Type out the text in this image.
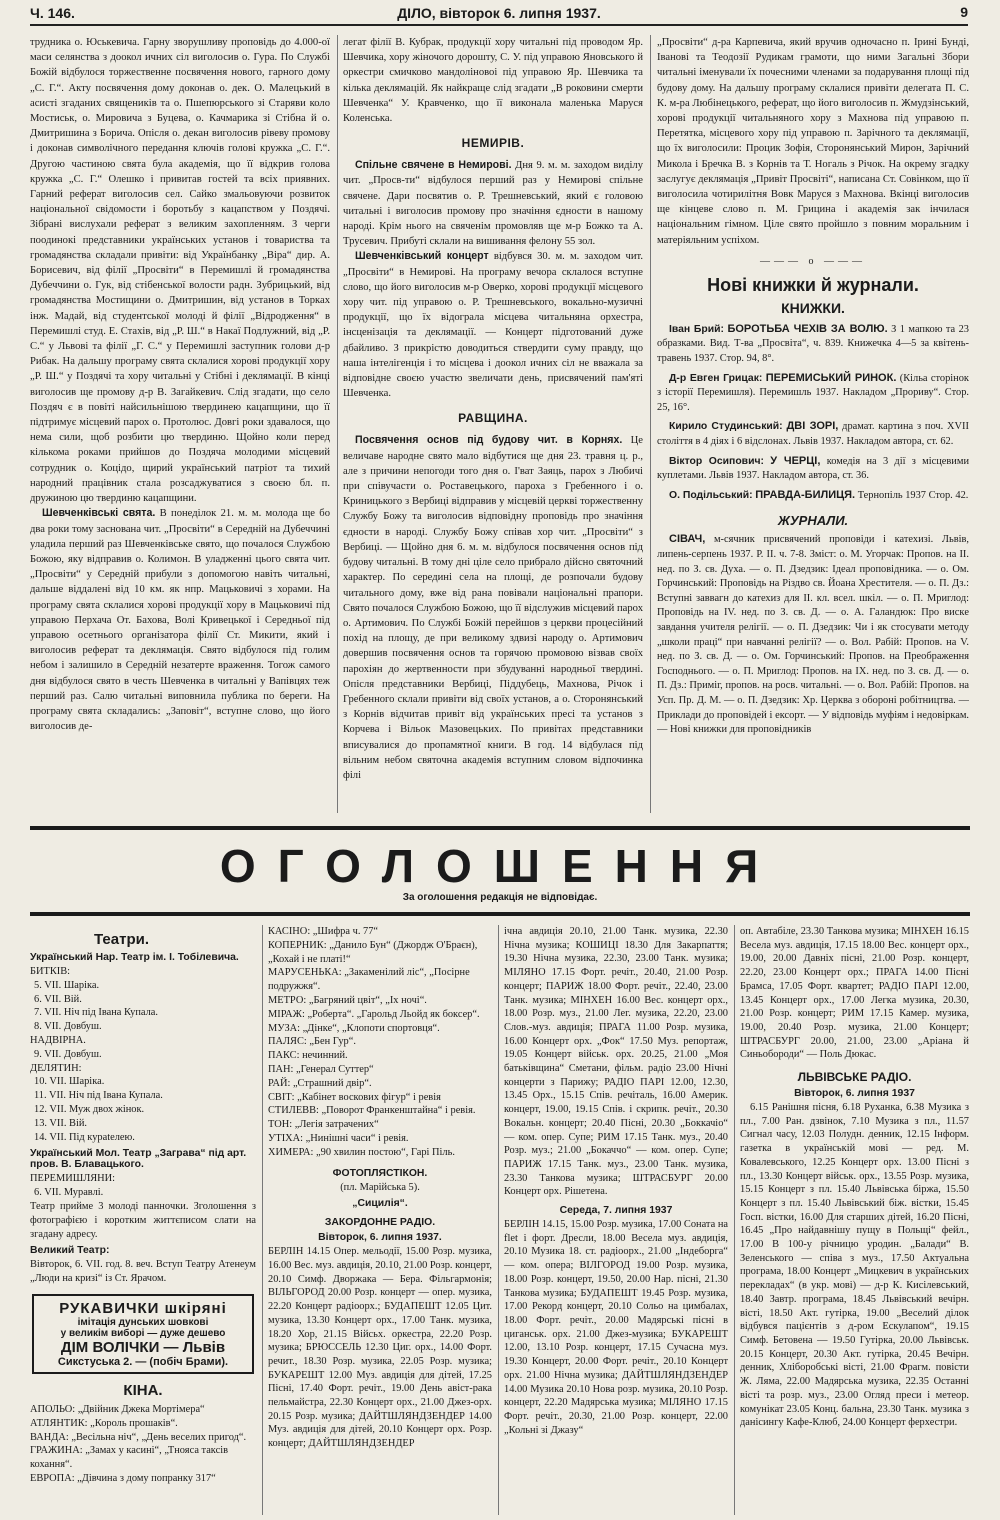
Ч. 146.	ДІЛО, вівторок 6. липня 1937.	9

трудника о. Юськевича. Гарну зворушливу проповідь до 4.000-ої маси селянства з доокол ичних сіл виголосив о. Гура. По Службі Божій відбулося торжественне посвячення нового, гарного дому „С. Г.“. Акту посвячення дому доконав о. дек. О. Малецький в асисті згаданих священиків та о. Пшепюрського зі Старяви коло Мостиськ, о. Мировича з Буцева, о. Качмарика зі Стібна й о. Дмитришина з Борича. Опісля о. декан виголосив рівеву промову і доконав символічного передання ключів голові кружка „С. Г.“. Другою частиною свята була академія, що її відкрив голова кружка „С. Г.“ Олешко і привитав гостей та всіх приявних. Гарний реферат виголосив сел. Сайко змальовуючи розвиток національної свідомости і боротьбу з кацапством у Поздячі. Зібрані вислухали реферат з великим захопленням. З черги поодинокі представники українських установ і товариства та громадянства складали привіти: від Українбанку „Віра“ дир. А. Борисевич, від філії „Просвіти“ в Перемишлі й громадянства Дубеччини о. Гук, від стібенської волости радн. Зубрицький, від громадянства Мостищини о. Дмитришин, від установ в Торках інж. Мадай, від студентської молоді й філії „Відродження“ в Перемишлі студ. Е. Стахів, від „Р. Ш.“ в Накаї Подлужний, від „Р. С.“ у Львові та філії „Г. С.“ у Перемишлі заступник голови д-р Рибак. На дальшу програму свята склалися хорові продукції хору „Р. Ш.“ у Поздячі та хору читальні у Стібні і деклямації. В кінці виголосив ще промову д-р В. Загайкевич. Слід згадати, що село Поздяч є в повіті найсильнішою твердинею кацапщини, що її підтримує місцевий парох о. Протолюс. Довгі роки здавалося, що нема сили, щоб розбити цю твердиню. Щойно коли перед кількома роками прийшов до Поздяча молодими місцевий сотрудник о. Коцідо, щирий український патріот та тихий народний працівник стала розсаджуватися з своєю бл. п. дружиною цю твердиню кацапщини.

Шевченківські свята. В понеділок 21. м. м. молода ще бо два роки тому заснована чит. „Просвіти“ в Середній на Дубеччині уладила перший раз Шевченківське свято, що почалося Службою Божою, яку відправив о. Колимон. В уладженні цього свята чит. „Просвіти“ у Середній прибули з допомогою навіть читальні, дальше віддалені від 10 км. як нпр. Мацьковичі з хорами. На програму свята склалися хорові продукції хору в Мацьковичі під управою Перхача От. Бахова, Волі Кривецької і Середньої під управою осетнього організатора філії Ст. Микити, який і виголосив реферат та деклямація. Свято відбулося під голим небом і залишило в Середній незатерте враження. Тогож самого дня відбулося свято в честь Шевченка в читальні у Вапівцях теж перший раз. Салю читальні виповнила публика по береги. На програму свята складались: „Заповіт“, вступне слово, що його виголосив де-

легат філії В. Кубрак, продукції хору читальні під проводом Яр. Шевчика, хору жіночого дорошту, С. У. під управою Яновського й оркестри смичково мандоліновоі під управою Яр. Шевчика та кількa деклямацій. Як найкраще слід згадати „В роковини смерти Шевченка“ У. Кравченко, що її виконала маленька Маруся Коленська.

НЕМИРІВ.

Спільне свячене в Немирові. Дня 9. м. м. заходом виділу чит. „Просв-ти“ відбулося перший раз у Немирові спільне свячене. Дари посвятив о. Р. Трешневський, який є головою читальні і виголосив промову про значіння єдности в нашому народі. Крім нього на свяченім промовляв ще м-р Божко та А. Трусевич. Прибуті склали на вишивання фелону 55 зол.

Шевченківський концерт відбувся 30. м. м. заходом чит. „Просвіти“ в Немирові. На програму вечора склалося вступне слово, що його виголосив м-р Оверко, хорові продукції місцевого хору чит. під управою о. Р. Трешневського, вокально-музичні продукції, що їх відограла місцева читальняна орхестра, інсценізація та деклямації. — Концерт підготований дуже дбайливо. З прикрістю доводиться ствердити суму правду, що наша інтелігенція і то місцева і доокол ичних сіл не вважала за відповідне своєю участю звеличати день, присвячений пам'яті Шевченка.

РАВЩИНА.

Посвячення основ під будову чит. в Корнях. Це величаве народне свято мало відбутися ще дня 23. травня ц. р., але з причини непогоди того дня о. І'ват Заяць, парох з Любичі при співучасти о. Роставецького, пароха з Гребенного і о. Криницького з Вербиці відправив у місцевій церкві торжественну Службу Божу та виголосив відповідну проповідь про значіння єдности в народі. Службу Божу співав хор чит. „Просвіти“ з Вербиці. — Щойно дня 6. м. м. відбулося посвячення основ під будову читальні. В тому дні ціле село прибрало дійсно святочний характер. По середині села на площі, де розпочали будову читального дому, вже від рана повівали національні прапори. Свято почалося Службою Божою, що її відслужив місцевий парох о. Артимович. По Службі Божій перейшов з церкви процесійний похід на площу, де при великому здвизі народу о. Артимович довершив посвячення основ та горячою промовою візвав своїх парохіян до жертвенности при збудуванні народньої твердині. Опісля представники Вербиці, Піддубець, Махнова, Річок і Гребенного склали привіти від своїх установ, а о. Сторонянський з Корнів відчитав привіт від українських пресі та установ з Корчева і Вільок Мазовецьких. По привітах представники вписувалися до пропамятної книги. В год. 14 відбулася під вільним небом святочна академія вступним словом відпочинка філі

„Просвіти“ д-ра Карпевича, який вручив одночасно п. Ірині Бунді, Івановi та Теодозії Рудикам грамоти, що ними Загальні Збори читальні іменували їх почесними членами за подарування площі під будову дому. На дальшу програму склалися привіти делегата П. С. К. м-ра Любінецького, реферат, що його виголосив п. Жмудзінський, хорові продукції читальняного хору з Махнова під управою п. Перетятка, місцевого хору під управою п. Зарічного та деклямації, що їх виголосили: Процик Зофія, Сторонянський Мирон, Зарічний Микола і Бречка В. з Корнів та Т. Ногаль з Річок. На окрему згадку заслугує деклямація „Привіт Просвіті“, написана Ст. Совінком, що її виголосила чотирилітня Вовк Маруся з Махнова. Вкінці виголосив ще кінцеве слово п. М. Грицина і академія зак інчилася національним гімном. Ціле свято пройшло з повним моральним і матеріяльним успіхом.

——— о ———
Нові книжки й журнали.
КНИЖКИ.

Іван Брий: БОРОТЬБА ЧЕХІВ ЗА ВОЛЮ. З 1 мапкою та 23 образками. Вид. Т-ва „Просвіта“, ч. 839. Книжечка 4—5 за квітень-травень 1937. Стор. 94, 8°.

Д-р Евген Грицак: ПЕРЕМИСЬКИЙ РИНОК. (Кільа сторінок з історії Перемишля). Перемишль 1937. Накладом „Прориву“. Стор. 25, 16°.

Кирило Студинський: ДВІ ЗОРІ, драмат. картина з поч. XVII століття в 4 діях і 6 відслонах. Львів 1937. Накладом автора, ст. 62.

Віктор Осипович: У ЧЕРЦІ, комедія на 3 дії з місцевими куплетами. Львів 1937. Накладом автора, ст. 36.

О. Подільський: ПРАВДА-БИЛИЦЯ. Тернопіль 1937 Стор. 42.

ЖУРНАЛИ.

СІВАЧ, м-сячник присвячений проповіди і катехизі. Львів, липень-серпень 1937. Р. II. ч. 7-8. Зміст: о. М. Угорчак: Пропов. на II. нед. по З. св. Духа. — о. П. Дзедзик: Ідеал проповідника. — о. Ом. Горчинський: Проповідь на Різдво св. Йоана Хрестителя. — о. П. Дз.: Вступні заввагн до катехиз для II. кл. всел. шкіл. — о. П. Мриглод: Проповідь на IV. нед. по З. св. Д. — о. А. Галандюк: Про вискe завдання учителя релігії. — о. П. Дзедзик: Чи і як стосувати методу „школи праці“ при навчанні релігії? — о. Вол. Рабій: Пропов. на V. нед. по З. св. Д. — о. Ом. Горчинський: Пропов. на Преображення Господнього. — о. П. Мриглод: Пропов. на IX. нед. по З. св. Д. — о. П. Дз.: Приміг, пропов. на росв. читальні. — о. Вол. Рабій: Пропов. на Усп. Пр. Д. М. — о. П. Дзедзик: Хр. Церква з обороні робітництва. — Приклади до проповідей і ексорт. — У відповідь муфіям і недовіркам. — Нові книжки для проповідників

ОГОЛОШЕННЯ
За оголошення редакція не відповідає.
Театри.
Український Нар. Театр ім. І. Тобілевича.
БИТКІВ:
5. VII. Шаріка.
6. VII. Вій.
7. VII. Ніч під Івана Купала.
8. VII. Довбуш.
НАДВІРНА.
9. VII. Довбуш.
ДЕЛЯТИН:
10. VII. Шаріка.
11. VII. Ніч під Івана Купала.
12. VII. Муж двох жінок.
13. VII. Вій.
14. VII. Під кураtелею.
Український Мол. Театр „Заграва“ під арт. пров. В. Блавацького.
ПЕРЕМИШЛЯНИ:
6. VII. Муравлі.
Театр приймe 3 молоді паннoчки. Зголошення з фотографією і коротким життєписом слати на згадану адресу.
Великий Театр:
Вівторок, 6. VII. год. 8. веч. Вступ Театру Атенеум „Люди на кризі“ із Ст. Ярачом.
РУКАВИЧКИ шкіряні
імітація дунських шовкові
у великім виборі — дуже дешево
ДІМ ВОЛІЧКИ — Львів
Сикстуська 2. — (побіч Брами).
КІНА.
АПОЛЬО: „Двійник Джека Мортімера“
АТЛЯНТИК: „Король прошаків“.
ВАНДА: „Весільна ніч“, „День веселих пригод“.
ГРАЖИНА: „Замах у касині“, „Тнояса таксів кохання“.
ЕВРОПА: „Дівчина з дому попранку 317“
КАСІНО: „Шифра ч. 77“
КОПЕРНИК: „Данило Бун“ (Джордж О'Браєн), „Кохай і не платі!“
МАРУСЕНЬКА: „Закаменілий ліс“, „Посірне подружжя“.
МЕТРО: „Багряний цвіт“, „Іх ночі“.
МІРАЖ: „Роберта“. „Гарольд Льойд як боксер“.
МУЗА: „Дінке“, „Клопоти спортовця“.
ПАЛЯС: „Бен Гур“.
ПАКС: нечинний.
ПАН: „Генерал Суттер“
РАЙ: „Страшний двір“.
СВІТ: „Кабінет воскових фігур“ і ревія
СТИЛЕВВ: „Поворот Франкенштайна“ і ревія.
ТОН: „Легія затрачених“
УТІХА: „Нинішні часи“ і ревія.
ХИМЕРА: „90 хвилин постою“, Гарі Піль.
ФОТОПЛЯСТІКОН.
(пл. Марійська 5).
„Сицилія“.
ЗАКОРДОННЕ РАДІО.
Вівторок, 6. липня 1937.

БЕРЛІН 14.15 Опер. мельодії, 15.00 Розр. музика, 16.00 Вес. муз. авдиція, 20.10, 21.00 Розр. концерт, 20.10 Симф. Дворжака — Бера. Фільгармонія; ВІЛЬГОРОД 20.00 Розр. концерт — опер. музика, 22.20 Концерт радіоорх.; БУДАПЕШТ 12.05 Цит. музика, 13.30 Концерт орх., 17.00 Танк. музика, 18.20 Хор, 21.15 Війсьх. оркестра, 22.20 Розр. музика; БРЮССЕЛЬ 12.30 Циг. орх., 14.00 Форт. речит., 18.30 Розр. музика, 22.05 Розр. музика; БУКАРЕШТ 12.00 Муз. авдиція для дітей, 17.25 Пісні, 17.40 Форт. речіт., 19.00 День авіст-рака пельмайстра, 22.30 Концерт орх., 21.00 Джез-орх. 20.15 Розр. музика; ДАЙТШЛЯНДЗЕНДЕР 14.00 Муз. авдиція для дітей, 20.10 Концерт орх. Розр. концерт; ДАЙТШЛЯНДЗЕНДЕР

ічна авдиція 20.10, 21.00 Танк. музика, 22.30 Нічна музика; КОШИЦІ 18.30 Для Закарпаття; 19.30 Нічна музика, 22.30, 23.00 Танк. музика; МІЛЯНО 17.15 Форт. речіт., 20.40, 21.00 Розр. концерт; ПАРИЖ 18.00 Форт. речіт., 22.40, 23.00 Танк. музика; МІНХЕН 16.00 Вес. концерт орх., 18.00 Розр. муз., 21.00 Лег. музика, 22.20, 23.00 Слов.-муз. авдиція; ПРАГА 11.00 Розр. музика, 16.00 Концерт орх. „Фок“ 17.50 Муз. репортаж, 19.05 Концерт військ. орх. 20.25, 21.00 „Моя батьківщина“ Сметани, фільм. радіо 23.00 Нічні концерти з Парижу; РАДІО ПАРІ 12.00, 12.30, 13.45 Орх., 15.15 Спів. речіталь, 16.00 Америк. концерт, 19.00, 19.15 Спів. і скрипк. речіт., 20.30 Вокальн. концерт; 20.40 Пісні, 20.30 „Боккачіо“ — ком. опер. Супе; РИМ 17.15 Танк. муз., 20.40 Розр. муз.; 21.00 „Бокаччо“ — ком. опер. Супе; ПАРИЖ 17.15 Танк. муз., 23.00 Танк. музика, 23.30 Танкова музика; ШТРАСБУРГ 20.00 Концерт орх. Рішетена.

Середа, 7. липня 1937

БЕРЛІН 14.15, 15.00 Розр. музика, 17.00 Соната на flet і форт. Дресли, 18.00 Весела муз. авдиція, 20.10 Музика 18. ст. радіоорх., 21.00 „Індеборга“ — ком. опера; ВІЛГОРОД 19.00 Розр. музика, 18.00 Розр. концерт, 19.50, 20.00 Нар. пісні, 21.30 Танкова музика; БУДАПЕШТ 19.45 Розр. музика, 17.00 Рекорд концерт, 20.10 Сольо на цимбалах, 18.00 Форт. речіт., 20.00 Мадярські пісні в циганськ. орх. 21.00 Джез-музика; БУКАРЕШТ 12.00, 13.10 Розр. концерт, 17.15 Сучасна муз. 19.30 Концерт, 20.00 Форт. речіт., 20.10 Концерт орх. 21.00 Нічна музика; ДАЙТШЛЯНДЗЕНДЕР 14.00 Музика 20.10 Нова розр. музика, 20.10 Розр. концерт, 22.20 Мадярська музика; МІЛЯНО 17.15 Форт. речіт., 20.30, 21.00 Розр. концерт, 22.00 „Кольні зі Джазу“

оп. Автабіле, 23.30 Танкова музика; МІНХЕН 16.15 Весела муз. авдиція, 17.15 18.00 Вес. концерт орх., 19.00, 20.00 Давніх пісні, 21.00 Розр. концерт, 22.20, 23.00 Концерт орх.; ПРАГА 14.00 Пісні Брамса, 17.05 Форт. квартет; РАДІО ПАРІ 12.00, 13.45 Концерт орх., 17.00 Легка музика, 20.30, 21.00 Розр. концерт; РИМ 17.15 Камер. музика, 19.00, 20.40 Розр. музика, 21.00 Концерт; ШТРАСБУРГ 20.00, 21.00, 23.00 „Аріана й Синьобороди“ — Поль Дюкас.

ЛЬВІВСЬКЕ РАДІО.
Вівторок, 6. липня 1937

6.15 Ранішня пісня, 6.18 Руханка, 6.38 Музика з пл., 7.00 Ран. дзвінок, 7.10 Музика з пл., 11.57 Сигнал часу, 12.03 Полудн. денник, 12.15 Інформ. газетка в українській мові — ред. М. Ковалевського, 12.25 Концерт орх. 13.00 Пісні з пл., 13.30 Концерт військ. орх., 13.55 Розр. музика, 15.15 Концерт з пл. 15.40 Львівська біржа, 15.50 Концерт з пл. 15.40 Львівський біж. вістки, 15.45 Госп. вістки, 16.00 Для старших дітей, 16.20 Пісні, 16.45 „Про найдавнішу пущу в Польщі“ фейл., 17.00 В 100-у річницю уродин. „Балади“ В. Зеленського — співа з муз., 17.50 Актуальна програма, 18.00 Концерт „Мицкевич в українських перекладах“ (в укр. мові) — д-р К. Кисілевський, 18.40 Завтр. програма, 18.45 Львівський вечірн. вісті, 18.50 Акт. гутірка, 19.00 „Веселий ділок відбувся пацієнтів з д-ром Ескулапом“, 19.15 Симф. Бетовена — 19.50 Гутірка, 20.00 Львівськ. 20.15 Концерт, 20.30 Акт. гутірка, 20.45 Вечірн. денник, Хліборобські вісті, 21.00 Фрагм. повісти Ж. Ляма, 22.00 Мадярська музика, 22.35 Останні вісті та розр. муз., 23.00 Огляд преси і метеор. комунікат 23.05 Конц. бальна, 23.30 Танк. музика з данісингу Кафе-Клюб, 24.00 Концерт ферхестри.
